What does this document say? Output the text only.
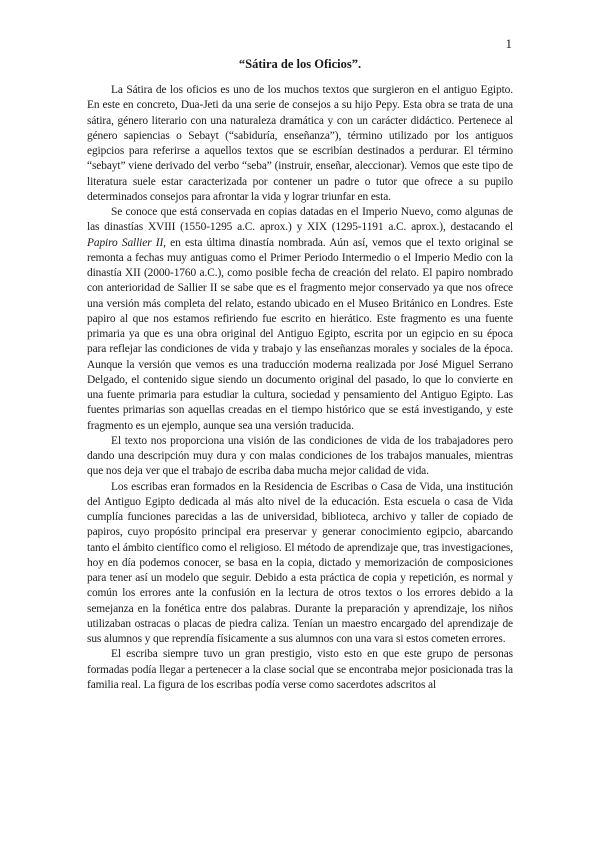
1
“Sátira de los Oficios”.

La Sátira de los oficios es uno de los muchos textos que surgieron en el antiguo Egipto. En este en concreto, Dua-Jeti da una serie de consejos a su hijo Pepy. Esta obra se trata de una sátira, género literario con una naturaleza dramática y con un carácter didáctico. Pertenece al género sapiencias o Sebayt (“sabiduría, enseñanza”), término utilizado por los antiguos egipcios para referirse a aquellos textos que se escribían destinados a perdurar. El término “sebayt” viene derivado del verbo “seba” (instruir, enseñar, aleccionar). Vemos que este tipo de literatura suele estar caracterizada por contener un padre o tutor que ofrece a su pupilo determinados consejos para afrontar la vida y lograr triunfar en esta.

Se conoce que está conservada en copias datadas en el Imperio Nuevo, como algunas de las dinastías XVIII (1550-1295 a.C. aprox.) y XIX (1295-1191 a.C. aprox.), destacando el Papiro Sallier II, en esta última dinastía nombrada. Aún así, vemos que el texto original se remonta a fechas muy antiguas como el Primer Periodo Intermedio o el Imperio Medio con la dinastía XII (2000-1760 a.C.), como posible fecha de creación del relato. El papiro nombrado con anterioridad de Sallier II se sabe que es el fragmento mejor conservado ya que nos ofrece una versión más completa del relato, estando ubicado en el Museo Británico en Londres. Este papiro al que nos estamos refiriendo fue escrito en hierático. Este fragmento es una fuente primaria ya que es una obra original del Antiguo Egipto, escrita por un egipcio en su época para reflejar las condiciones de vida y trabajo y las enseñanzas morales y sociales de la época. Aunque la versión que vemos es una traducción moderna realizada por José Miguel Serrano Delgado, el contenido sigue siendo un documento original del pasado, lo que lo convierte en una fuente primaria para estudiar la cultura, sociedad y pensamiento del Antiguo Egipto. Las fuentes primarias son aquellas creadas en el tiempo histórico que se está investigando, y este fragmento es un ejemplo, aunque sea una versión traducida.

El texto nos proporciona una visión de las condiciones de vida de los trabajadores pero dando una descripción muy dura y con malas condiciones de los trabajos manuales, mientras que nos deja ver que el trabajo de escriba daba mucha mejor calidad de vida.

Los escribas eran formados en la Residencia de Escribas o Casa de Vida, una institución del Antiguo Egipto dedicada al más alto nivel de la educación. Esta escuela o casa de Vida cumplía funciones parecidas a las de universidad, biblioteca, archivo y taller de copiado de papiros, cuyo propósito principal era preservar y generar conocimiento egipcio, abarcando tanto el ámbito científico como el religioso. El método de aprendizaje que, tras investigaciones, hoy en día podemos conocer, se basa en la copia, dictado y memorización de composiciones para tener así un modelo que seguir. Debido a esta práctica de copia y repetición, es normal y común los errores ante la confusión en la lectura de otros textos o los errores debido a la semejanza en la fonética entre dos palabras. Durante la preparación y aprendizaje, los niños utilizaban ostracas o placas de piedra caliza. Tenían un maestro encargado del aprendizaje de sus alumnos y que reprendía físicamente a sus alumnos con una vara si estos cometen errores.

El escriba siempre tuvo un gran prestigio, visto esto en que este grupo de personas formadas podía llegar a pertenecer a la clase social que se encontraba mejor posicionada tras la familia real. La figura de los escribas podía verse como sacerdotes adscritos al
